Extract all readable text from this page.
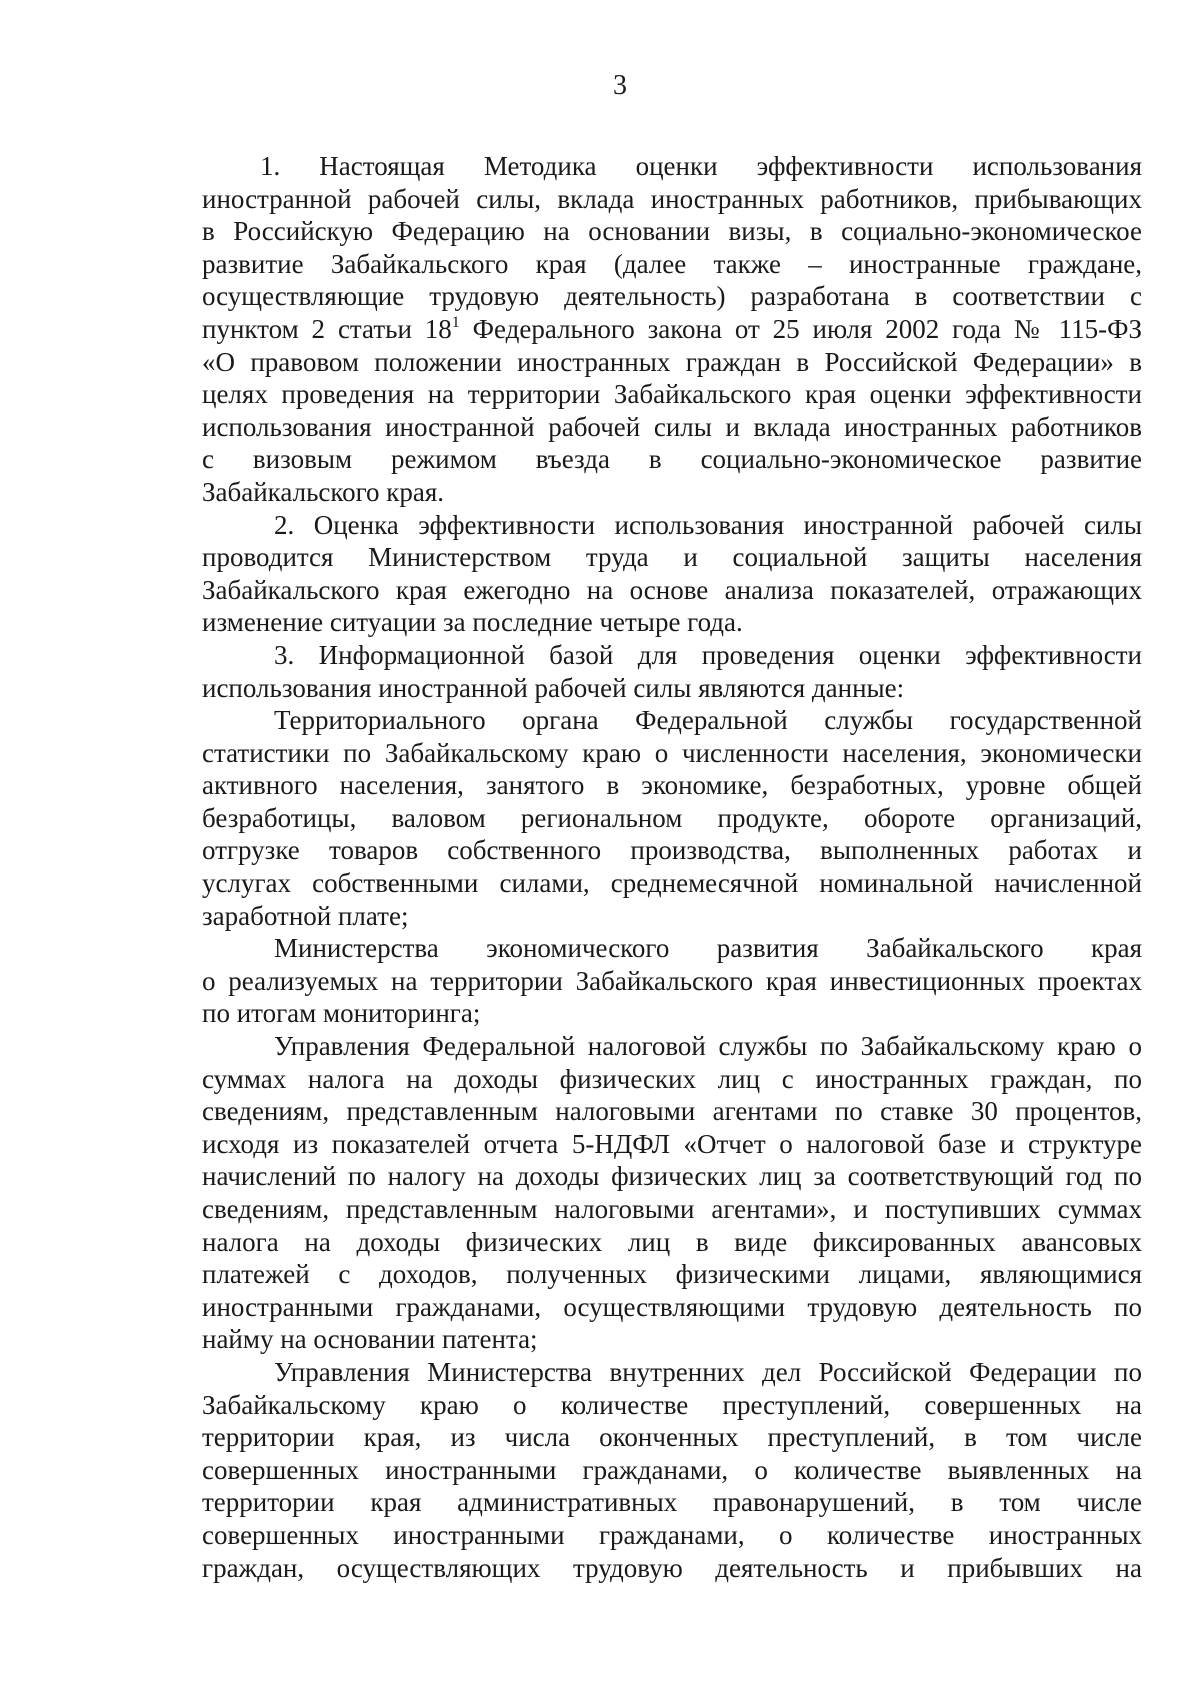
3
1. Настоящая Методика оценки эффективности использования
иностранной рабочей силы, вклада иностранных работников, прибывающих
в Российскую Федерацию на основании визы, в социально-экономическое
развитие Забайкальского края (далее также – иностранные граждане,
осуществляющие трудовую деятельность) разработана в соответствии с
пунктом 2 статьи $18^1$ Федерального закона от 25 июля 2002 года № 115-ФЗ
«О правовом положении иностранных граждан в Российской Федерации» в
целях проведения на территории Забайкальского края оценки эффективности
использования иностранной рабочей силы и вклада иностранных работников
с визовым режимом въезда в социально-экономическое развитие
Забайкальского края.
2. Оценка эффективности использования иностранной рабочей силы
проводится Министерством труда и социальной защиты населения
Забайкальского края ежегодно на основе анализа показателей, отражающих
изменение ситуации за последние четыре года.
3. Информационной базой для проведения оценки эффективности
использования иностранной рабочей силы являются данные:
Территориального органа Федеральной службы государственной
статистики по Забайкальскому краю о численности населения, экономически
активного населения, занятого в экономике, безработных, уровне общей
безработицы, валовом региональном продукте, обороте организаций,
отгрузке товаров собственного производства, выполненных работах и
услугах собственными силами, среднемесячной номинальной начисленной
заработной плате;
Министерства экономического развития Забайкальского края
о реализуемых на территории Забайкальского края инвестиционных проектах
по итогам мониторинга;
Управления Федеральной налоговой службы по Забайкальскому краю о
суммах налога на доходы физических лиц с иностранных граждан, по
сведениям, представленным налоговыми агентами по ставке 30 процентов,
исходя из показателей отчета 5-НДФЛ «Отчет о налоговой базе и структуре
начислений по налогу на доходы физических лиц за соответствующий год по
сведениям, представленным налоговыми агентами», и поступивших суммах
налога на доходы физических лиц в виде фиксированных авансовых
платежей с доходов, полученных физическими лицами, являющимися
иностранными гражданами, осуществляющими трудовую деятельность по
найму на основании патента;
Управления Министерства внутренних дел Российской Федерации по
Забайкальскому краю о количестве преступлений, совершенных на
территории края, из числа оконченных преступлений, в том числе
совершенных иностранными гражданами, о количестве выявленных на
территории края административных правонарушений, в том числе
совершенных иностранными гражданами, о количестве иностранных
граждан, осуществляющих трудовую деятельность и прибывших на
